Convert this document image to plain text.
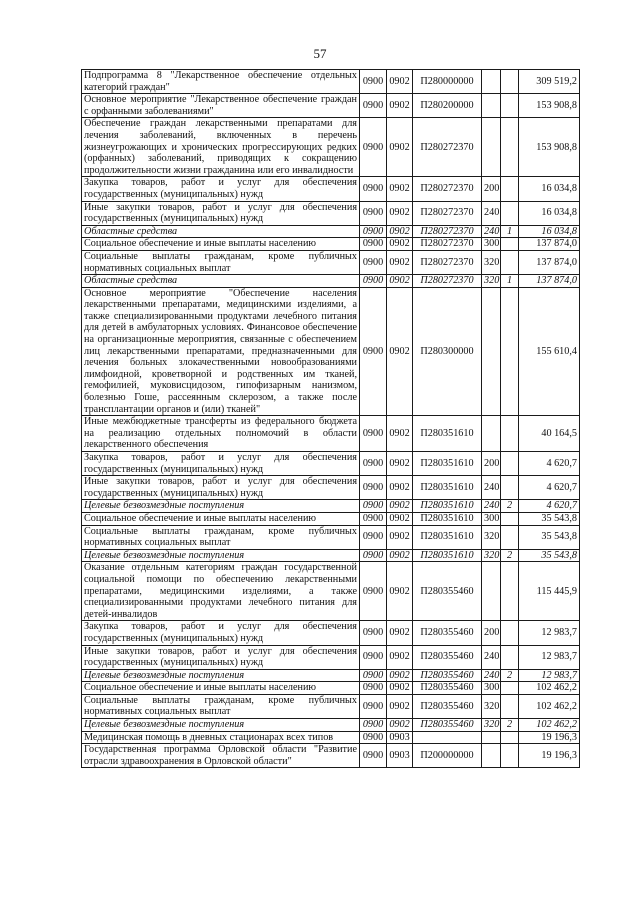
57
Подпрограмма 8 "Лекарственное обеспечение отдельных категорий граждан"	0900	0902	П280000000			309 519,2
Основное мероприятие "Лекарственное обеспечение граждан с орфанными заболеваниями"	0900	0902	П280200000			153 908,8
Обеспечение граждан лекарственными препаратами для лечения заболеваний, включенных в перечень жизнеугрожающих и хронических прогрессирующих редких (орфанных) заболеваний, приводящих к сокращению продолжительности жизни гражданина или его инвалидности	0900	0902	П280272370			153 908,8
Закупка товаров, работ и услуг для обеспечения государственных (муниципальных) нужд	0900	0902	П280272370	200		16 034,8
Иные закупки товаров, работ и услуг для обеспечения государственных (муниципальных) нужд	0900	0902	П280272370	240		16 034,8
Областные средства	0900	0902	П280272370	240	1	16 034,8
Социальное обеспечение и иные выплаты населению	0900	0902	П280272370	300		137 874,0
Социальные выплаты гражданам, кроме публичных нормативных социальных выплат	0900	0902	П280272370	320		137 874,0
Областные средства	0900	0902	П280272370	320	1	137 874,0
Основное мероприятие "Обеспечение населения лекарственными препаратами, медицинскими изделиями, а также специализированными продуктами лечебного питания для детей в амбулаторных условиях. Финансовое обеспечение на организационные мероприятия, связанные с обеспечением лиц лекарственными препаратами, предназначенными для лечения больных злокачественными новообразованиями лимфоидной, кроветворной и родственных им тканей, гемофилией, муковисцидозом, гипофизарным нанизмом, болезнью Гоше, рассеянным склерозом, а также после трансплантации органов и (или) тканей"	0900	0902	П280300000			155 610,4
Иные межбюджетные трансферты из федерального бюджета на реализацию отдельных полномочий в области лекарственного обеспечения	0900	0902	П280351610			40 164,5
Закупка товаров, работ и услуг для обеспечения государственных (муниципальных) нужд	0900	0902	П280351610	200		4 620,7
Иные закупки товаров, работ и услуг для обеспечения государственных (муниципальных) нужд	0900	0902	П280351610	240		4 620,7
Целевые безвозмездные поступления	0900	0902	П280351610	240	2	4 620,7
Социальное обеспечение и иные выплаты населению	0900	0902	П280351610	300		35 543,8
Социальные выплаты гражданам, кроме публичных нормативных социальных выплат	0900	0902	П280351610	320		35 543,8
Целевые безвозмездные поступления	0900	0902	П280351610	320	2	35 543,8
Оказание отдельным категориям граждан государственной социальной помощи по обеспечению лекарственными препаратами, медицинскими изделиями, а также специализированными продуктами лечебного питания для детей-инвалидов	0900	0902	П280355460			115 445,9
Закупка товаров, работ и услуг для обеспечения государственных (муниципальных) нужд	0900	0902	П280355460	200		12 983,7
Иные закупки товаров, работ и услуг для обеспечения государственных (муниципальных) нужд	0900	0902	П280355460	240		12 983,7
Целевые безвозмездные поступления	0900	0902	П280355460	240	2	12 983,7
Социальное обеспечение и иные выплаты населению	0900	0902	П280355460	300		102 462,2
Социальные выплаты гражданам, кроме публичных нормативных социальных выплат	0900	0902	П280355460	320		102 462,2
Целевые безвозмездные поступления	0900	0902	П280355460	320	2	102 462,2
Медицинская помощь в дневных стационарах всех типов	0900	0903				19 196,3
Государственная программа Орловской области "Развитие отрасли здравоохранения в Орловской области"	0900	0903	П200000000			19 196,3
